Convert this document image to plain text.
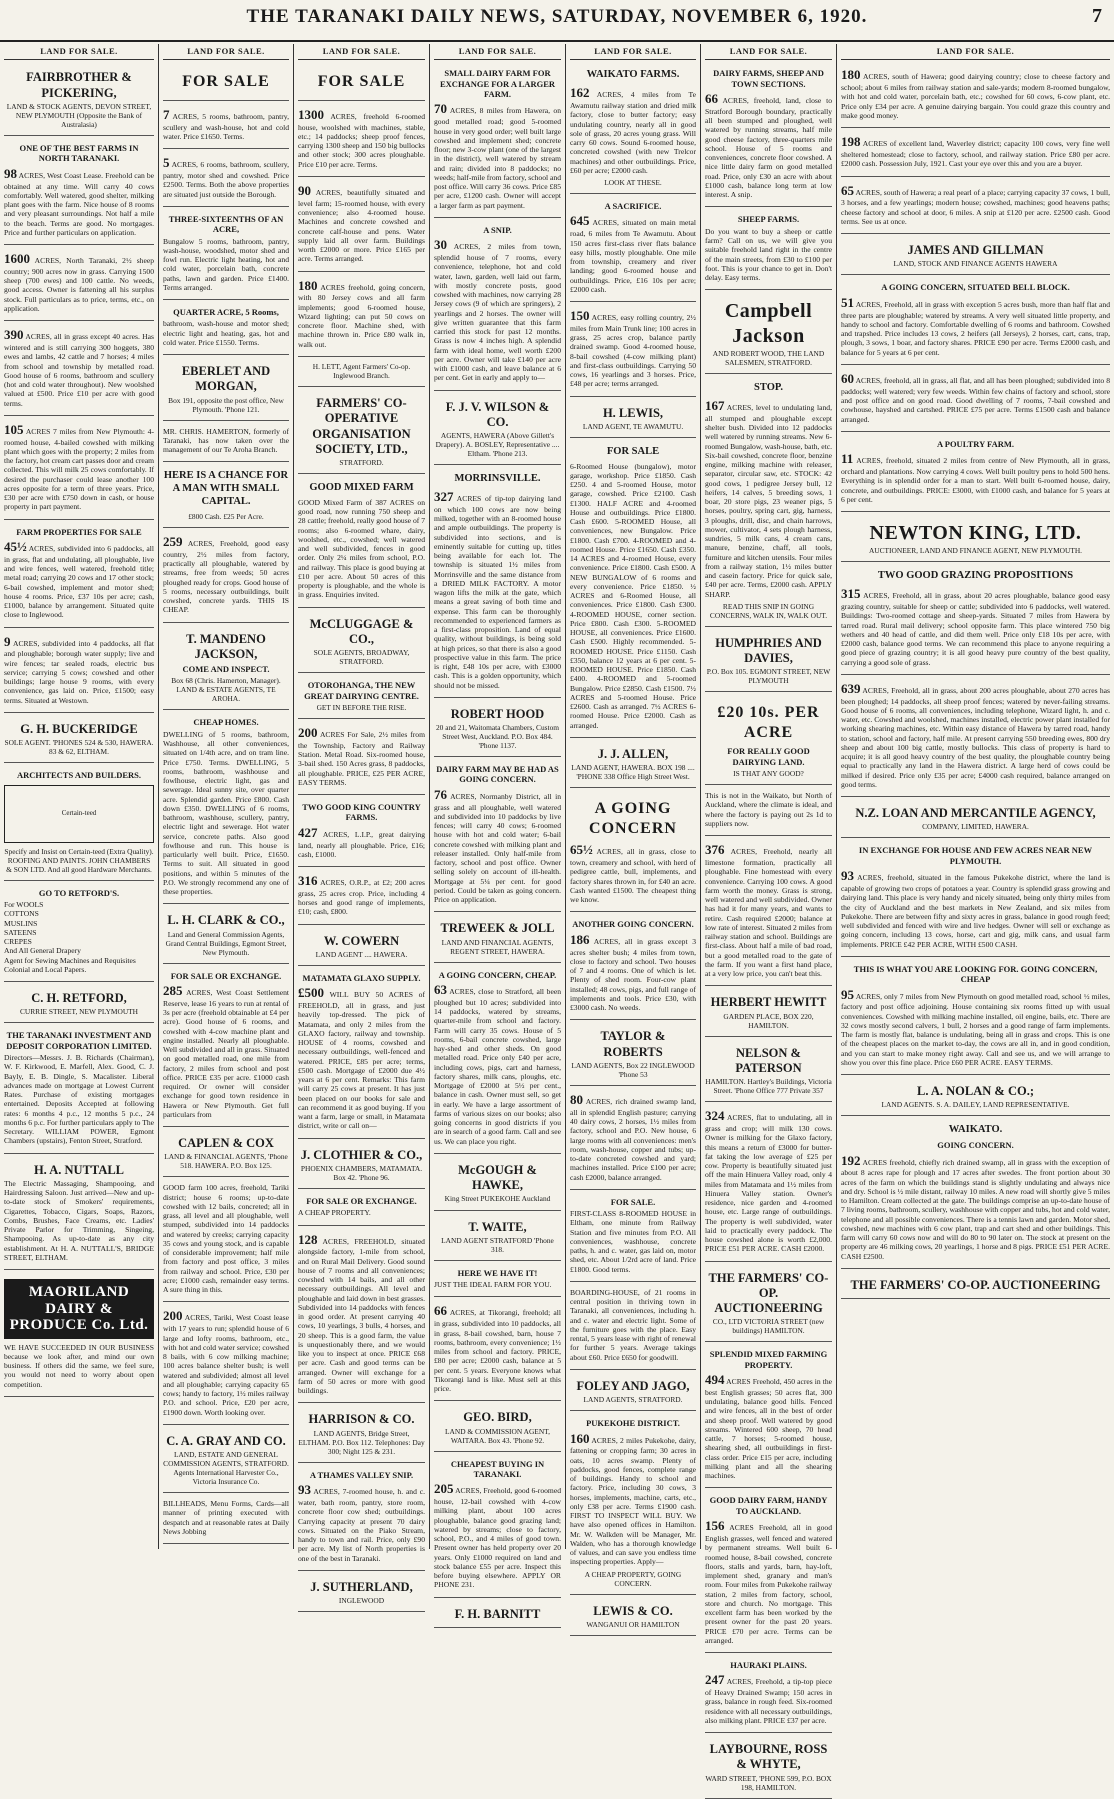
THE TARANAKI DAILY NEWS, SATURDAY, NOVEMBER 6, 1920.	7
LAND FOR SALE.
FAIRBROTHER & PICKERING,
LAND & STOCK AGENTS, DEVON STREET, NEW PLYMOUTH (Opposite the Bank of Australasia)
ONE OF THE BEST FARMS IN NORTH TARANAKI.
98 ACRES, West Coast Lease. Freehold can be obtained at any time. Will carry 40 cows comfortably. Well watered, good shelter, milking plant goes with the farm. Nice house of 8 rooms and very pleasant surroundings. Not half a mile to the beach. Terms are good. No mortgages. Price and further particulars on application.
1600 ACRES, North Taranaki, 2½ sheep country; 900 acres now in grass. Carrying 1500 sheep (700 ewes) and 100 cattle. No weeds, good access. Owner is fattening all his surplus stock. Full particulars as to price, terms, etc., on application.
390 ACRES, all in grass except 40 acres. Has wintered and is still carrying 300 hoggets, 380 ewes and lambs, 42 cattle and 7 horses; 4 miles from school and township by metalled road. Good house of 6 rooms, bathroom and scullery (hot and cold water throughout). New woolshed valued at £500. Price £10 per acre with good terms.
105 ACRES 7 miles from New Plymouth: 4-roomed house, 4-bailed cowshed with milking plant which goes with the property; 2 miles from the factory, hot cream cart passes door and cream collected. This will milk 25 cows comfortably. If desired the purchaser could lease another 100 acres opposite for a term of three years. Price, £30 per acre with £750 down in cash, or house property in part payment.
FARM PROPERTIES FOR SALE
45½ ACRES, subdivided into 6 paddocks, all in grass, flat and undulating, all ploughable, live and wire fences, well watered, freehold title; metal road; carrying 20 cows and 17 other stock; 6-bail cowshed, implement and motor shed; house 4 rooms. Price, £37 10s per acre; cash, £1000, balance by arrangement. Situated quite close to Inglewood.
9 ACRES, subdivided into 4 paddocks, all flat and ploughable; borough water supply; live and wire fences; tar sealed roads, electric bus service; carrying 5 cows; cowshed and other buildings; large house 9 rooms, with every convenience, gas laid on. Price, £1500; easy terms. Situated at Westown.
G. H. BUCKERIDGE
SOLE AGENT. 'PHONES 524 & 530, HAWERA. 83 & 62, ELTHAM.
ARCHITECTS AND BUILDERS.
Certain-teed
Specify and Insist on Certain-teed (Extra Quality). ROOFING AND PAINTS. JOHN CHAMBERS & SON LTD. And all good Hardware Merchants.
GO TO RETFORD'S.
For WOOLS
COTTONS
MUSLINS
SATEENS
CREPES
And All General Drapery
Agent for Sewing Machines and Requisites
Colonial and Local Papers.
C. H. RETFORD,
CURRIE STREET, NEW PLYMOUTH
THE TARANAKI INVESTMENT AND DEPOSIT CORPORATION LIMITED.
Directors—Messrs. J. B. Richards (Chairman), W. F. Kirkwood, E. Marfell, Alex. Good, C. J. Bayly, E. B. Dingle, S. Macalister. Liberal advances made on mortgage at Lowest Current Rates. Purchase of existing mortgages entertained. Deposits Accepted at following rates: 6 months 4 p.c., 12 months 5 p.c., 24 months 6 p.c. For further particulars apply to The Secretary. WILLIAM POWER, Egmont Chambers (upstairs), Fenton Street, Stratford.
H. A. NUTTALL
The Electric Massaging, Shampooing, and Hairdressing Saloon. Just arrived—New and up-to-date stock of Smokers' requirements, Cigarettes, Tobacco, Cigars, Soaps, Razors, Combs, Brushes, Face Creams, etc. Ladies' Private Parlor for Trimming, Singeing, Shampooing. As up-to-date as any city establishment. At H. A. NUTTALL'S, BRIDGE STREET, ELTHAM.
MAORILAND DAIRY & PRODUCE Co. Ltd.
WE HAVE SUCCEEDED IN OUR BUSINESS because we look after, and mind our own business. If others did the same, we feel sure, you would not need to worry about open competition.
LAND FOR SALE.
FOR SALE
7 ACRES, 5 rooms, bathroom, pantry, scullery and wash-house, hot and cold water. Price £1650. Terms.
5 ACRES, 6 rooms, bathroom, scullery, pantry, motor shed and cowshed. Price £2500. Terms. Both the above properties are situated just outside the Borough.
THREE-SIXTEENTHS OF AN ACRE,
Bungalow 5 rooms, bathroom, pantry, wash-house, woodshed, motor shed and fowl run. Electric light heating, hot and cold water, porcelain bath, concrete paths, lawn and garden. Price £1400. Terms arranged.
QUARTER ACRE, 5 Rooms,
bathroom, wash-house and motor shed; electric light and heating, gas, hot and cold water. Price £1550. Terms.
EBERLET AND MORGAN,
Box 191, opposite the post office, New Plymouth. 'Phone 121.
MR. CHRIS. HAMERTON, formerly of Taranaki, has now taken over the management of our Te Aroha Branch.
HERE IS A CHANCE FOR A MAN WITH SMALL CAPITAL.
£800 Cash. £25 Per Acre.
259 ACRES, Freehold, good easy country, 2½ miles from factory, practically all ploughable, watered by streams, free from weeds; 50 acres ploughed ready for crops. Good house of 5 rooms, necessary outbuildings, built cowshed, concrete yards. THIS IS CHEAP.
T. MANDENO JACKSON,
COME AND INSPECT.
Box 68 (Chris. Hamerton, Manager). LAND & ESTATE AGENTS, TE AROHA.
CHEAP HOMES.
DWELLING of 5 rooms, bathroom, Washhouse, all other conveniences, situated on 1/4th acre, and on tram line. Price £750. Terms. DWELLING, 5 rooms, bathroom, washhouse and fowlhouse, electric light, gas and sewerage. Ideal sunny site, over quarter acre. Splendid garden. Price £800. Cash down £350. DWELLING of 6 rooms, bathroom, washhouse, scullery, pantry, electric light and sewerage. Hot water service, concrete paths. Also good fowlhouse and run. This house is particularly well built. Price, £1650. Terms to suit. All situated in good positions, and within 5 minutes of the P.O. We strongly recommend any one of these properties.
L. H. CLARK & CO.,
Land and General Commission Agents, Grand Central Buildings, Egmont Street, New Plymouth.
FOR SALE OR EXCHANGE.
285 ACRES, West Coast Settlement Reserve, lease 16 years to run at rental of 3s per acre (freehold obtainable at £4 per acre). Good house of 6 rooms, and cowshed with 4-cow machine plant and engine installed. Nearly all ploughable. Well subdivided and all in grass. Situated on good metalled road, one mile from factory, 2 miles from school and post office. PRICE £35 per acre. £1000 cash required. Or owner will consider exchange for good town residence in Hawera or New Plymouth. Get full particulars from
CAPLEN & COX
LAND & FINANCIAL AGENTS, 'Phone 518. HAWERA. P.O. Box 125.
GOOD farm 100 acres, freehold, Tariki district; house 6 rooms; up-to-date cowshed with 12 bails, concreted; all in grass, all level and all ploughable, well stumped, subdivided into 14 paddocks and watered by creeks; carrying capacity 35 cows and young stock, and is capable of considerable improvement; half mile from factory and post office, 3 miles from railway and school. Price, £30 per acre; £1000 cash, remainder easy terms. A sure thing in this.
200 ACRES, Tariki, West Coast lease with 17 years to run; splendid house of 6 large and lofty rooms, bathroom, etc., with hot and cold water service; cowshed 8 bails, with 6 cow milking machine; 100 acres balance shelter bush; is well watered and subdivided; almost all level and all ploughable; carrying capacity 65 cows; handy to factory, 1½ miles railway P.O. and school. Price, £20 per acre, £1900 down. Worth looking over.
C. A. GRAY AND CO.
LAND, ESTATE AND GENERAL COMMISSION AGENTS, STRATFORD. Agents International Harvester Co., Victoria Insurance Co.
BILLHEADS, Menu Forms, Cards—all manner of printing executed with despatch and at reasonable rates at Daily News Jobbing
LAND FOR SALE.
FOR SALE
1300 ACRES, freehold 6-roomed house, woolshed with machines, stable, etc.; 14 paddocks; sheep proof fences, carrying 1300 sheep and 150 big bullocks and other stock; 300 acres ploughable. Price £10 per acre. Terms.
90 ACRES, beautifully situated and level farm; 15-roomed house, with every convenience; also 4-roomed house. Machines and concrete cowshed and concrete calf-house and pens. Water supply laid all over farm. Buildings worth £2000 or more. Price £165 per acre. Terms arranged.
180 ACRES freehold, going concern, with 80 Jersey cows and all farm implements; good 6-roomed house, Wizard lighting; can put 50 cows on concrete floor. Machine shed, with machine thrown in. Price £80 walk in, walk out.
H. LETT, Agent Farmers' Co-op. Inglewood Branch.
FARMERS' CO-OPERATIVE ORGANISATION SOCIETY, LTD.,
STRATFORD.
GOOD MIXED FARM
GOOD Mixed Farm of 387 ACRES on good road, now running 750 sheep and 28 cattle; freehold, really good house of 7 rooms; also 6-roomed whare, dairy, woolshed, etc., cowshed; well watered and well subdivided, fences in good order. Only 2¼ miles from school, P.O. and railway. This place is good buying at £10 per acre. About 50 acres of this property is ploughable, and the whole is in grass. Enquiries invited.
McCLUGGAGE & CO.,
SOLE AGENTS, BROADWAY, STRATFORD.
OTOROHANGA, THE NEW GREAT DAIRYING CENTRE.
GET IN BEFORE THE RISE.
200 ACRES For Sale, 2½ miles from the Township, Factory and Railway Station. Metal Road. Six-roomed house, 3-bail shed. 150 Acres grass, 8 paddocks, all ploughable. PRICE, £25 PER ACRE, EASY TERMS.
TWO GOOD KING COUNTRY FARMS.
427 ACRES, L.I.P., great dairying land, nearly all ploughable. Price, £16; cash, £1000.
316 ACRES, O.R.P., at £2; 200 acres grass, 25 acres crop. Price, including 4 horses and good range of implements, £10; cash, £800.
W. COWERN
LAND AGENT .... HAWERA.
MATAMATA GLAXO SUPPLY.
£500 WILL BUY 50 ACRES of FREEHOLD, all in grass, and just heavily top-dressed. The pick of Matamata, and only 2 miles from the GLAXO factory, railway and township. HOUSE of 4 rooms, cowshed and necessary outbuildings, well-fenced and watered. PRICE, £85 per acre; terms, £500 cash. Mortgage of £2000 due 4½ years at 6 per cent. Remarks: This farm will carry 25 cows at present. It has just been placed on our books for sale and can recommend it as good buying. If you want a farm, large or small, in Matamata district, write or call on—
J. CLOTHIER & CO.,
PHOENIX CHAMBERS, MATAMATA. Box 42. 'Phone 96.
FOR SALE OR EXCHANGE.
A CHEAP PROPERTY.
128 ACRES, FREEHOLD, situated alongside factory, 1-mile from school, and on Rural Mail Delivery. Good sound house of 7 rooms and all conveniences; cowshed with 14 bails, and all other necessary outbuildings. All level and ploughable and laid down in best grasses. Subdivided into 14 paddocks with fences in good order. At present carrying 40 cows, 10 yearlings, 3 bulls, 4 horses, and 20 sheep. This is a good farm, the value is unquestionably there, and we would like you to inspect at once. PRICE £68 per acre. Cash and good terms can be arranged. Owner will exchange for a farm of 50 acres or more with good buildings.
HARRISON & CO.
LAND AGENTS, Bridge Street, ELTHAM. P.O. Box 112. Telephones: Day 300; Night 125 & 231.
A THAMES VALLEY SNIP.
93 ACRES, 7-roomed house, h. and c. water, bath room, pantry, store room, concrete floor cow shed; outbuildings. Carrying capacity at present 70 dairy cows. Situated on the Piako Stream, handy to town and rail. Price, only £90 per acre. My list of North properties is one of the best in Taranaki.
J. SUTHERLAND,
INGLEWOOD
LAND FOR SALE.
SMALL DAIRY FARM FOR EXCHANGE FOR A LARGER FARM.
70 ACRES, 8 miles from Hawera, on good metalled road; good 5-roomed house in very good order; well built large cowshed and implement shed; concrete floor; new 3-cow plant (one of the largest in the district), well watered by stream and rain; divided into 8 paddocks; no weeds; half-mile from factory, school and post office. Will carry 36 cows. Price £85 per acre, £1200 cash. Owner will accept a larger farm as part payment.
A SNIP.
30 ACRES, 2 miles from town, splendid house of 7 rooms, every convenience, telephone, hot and cold water, lawn, garden, well laid out farm, with mostly concrete posts, good cowshed with machines, now carrying 28 Jersey cows (9 of which are springers), 2 yearlings and 2 horses. The owner will give written guarantee that this farm carried this stock for past 12 months. Grass is now 4 inches high. A splendid farm with ideal home, well worth £200 per acre. Owner will take £140 per acre with £1000 cash, and leave balance at 6 per cent. Get in early and apply to—
F. J. V. WILSON & CO.
AGENTS, HAWERA (Above Gillett's Drapery). A. BOSLEY, Representative .... Eltham. 'Phone 213.
MORRINSVILLE.
327 ACRES of tip-top dairying land on which 100 cows are now being milked, together with an 8-roomed house and ample outbuildings. The property is subdivided into sections, and is eminently suitable for cutting up, titles being available for each lot. The township is situated 1½ miles from Morrinsville and the same distance from a DRIED MILK FACTORY. A motor wagon lifts the milk at the gate, which means a great saving of both time and expense. This farm can be thoroughly recommended to experienced farmers as a first-class proposition. Land of equal quality, without buildings, is being sold at high prices, so that there is also a good prospective value in this farm. The price is right, £48 10s per acre, with £3000 cash. This is a golden opportunity, which should not be missed.
ROBERT HOOD
20 and 21, Waitomata Chambers, Custom Street West, Auckland. P.O. Box 484. 'Phone 1137.
DAIRY FARM MAY BE HAD AS GOING CONCERN.
76 ACRES, Normanby District, all in grass and all ploughable, well watered and subdivided into 10 paddocks by live fences; will carry 40 cows; 6-roomed house with hot and cold water; 6-bail concrete cowshed with milking plant and releaser installed. Only half-mile from factory, school and post office. Owner selling solely on account of ill-health. Mortgage at 5¼ per cent. for good period. Could be taken as going concern. Price on application.
TREWEEK & JOLL
LAND AND FINANCIAL AGENTS, REGENT STREET, HAWERA.
A GOING CONCERN, CHEAP.
63 ACRES, close to Stratford, all been ploughed but 10 acres; subdivided into 14 paddocks, watered by streams, quarter-mile from school and factory. Farm will carry 35 cows. House of 5 rooms, 6-bail concrete cowshed, large hay-shed and other sheds. On good metalled road. Price only £40 per acre, including cows, pigs, cart and harness, factory shares, milk cans, ploughs, etc. Mortgage of £2000 at 5½ per cent., balance in cash. Owner must sell, so get in early. We have a large assortment of farms of various sizes on our books; also going concerns in good districts if you are in search of a good farm. Call and see us. We can place you right.
McGOUGH & HAWKE,
King Street PUKEKOHE Auckland
T. WAITE,
LAND AGENT STRATFORD 'Phone 318.
HERE WE HAVE IT!
JUST THE IDEAL FARM FOR YOU.
66 ACRES, at Tikorangi, freehold; all in grass, subdivided into 10 paddocks, all in grass, 8-bail cowshed, barn, house 7 rooms, bathroom, every convenience; 1½ miles from school and factory. PRICE, £80 per acre; £2000 cash, balance at 5 per cent. 5 years. Everyone knows what Tikorangi land is like. Must sell at this price.
GEO. BIRD,
LAND & COMMISSION AGENT, WAITARA. Box 43. 'Phone 92.
CHEAPEST BUYING IN TARANAKI.
205 ACRES, Freehold, good 6-roomed house, 12-bail cowshed with 4-cow milking plant, about 100 acres ploughable, balance good grazing land; watered by streams; close to factory, school, P.O., and 4 miles of good town. Present owner has held property over 20 years. Only £1000 required on land and stock balance £55 per acre. Inspect this before buying elsewhere. APPLY OR PHONE 231.
F. H. BARNITT
LAND FOR SALE.
WAIKATO FARMS.
162 ACRES, 4 miles from Te Awamutu railway station and dried milk factory, close to butter factory; easy undulating country, nearly all in good sole of grass, 20 acres young grass. Will carry 60 cows. Sound 6-roomed house, concreted cowshed (with new Trelcor machines) and other outbuildings. Price, £60 per acre; £2000 cash.
LOOK AT THESE.
A SACRIFICE.
645 ACRES, situated on main metal road, 6 miles from Te Awamutu. About 150 acres first-class river flats balance easy hills, mostly ploughable. One mile from township, creamery and river landing; good 6-roomed house and outbuildings. Price, £16 10s per acre; £2000 cash.
150 ACRES, easy rolling country, 2½ miles from Main Trunk line; 100 acres in grass, 25 acres crop, balance partly drained swamp. Good 4-roomed house, 8-bail cowshed (4-cow milking plant) and first-class outbuildings. Carrying 50 cows, 16 yearlings and 3 horses. Price, £48 per acre; terms arranged.
H. LEWIS,
LAND AGENT, TE AWAMUTU.
FOR SALE
6-Roomed House (bungalow), motor garage, workshop. Price £1850. Cash £250. 4 and 5-roomed House, motor garage, cowshed. Price £2100. Cash £1300. HALF ACRE and 4-roomed House and outbuildings. Price £1800. Cash £600. 5-ROOMED House, all conveniences, new Bungalow. Price £1800. Cash £700. 4-ROOMED and 4-roomed House. Price £1650. Cash £350. 14 ACRES and 4-roomed House, every convenience. Price £1800. Cash £500. A NEW BUNGALOW of 6 rooms and every convenience. Price £1850. ½ ACRES and 6-Roomed House, all conveniences. Price £1800. Cash £300. 4-ROOMED HOUSE, corner section. Price £800. Cash £300. 5-ROOMED HOUSE, all conveniences. Price £1600. Cash £500. Highly recommended. 5-ROOMED HOUSE. Price £1150. Cash £350, balance 12 years at 6 per cent. 5-ROOMED HOUSE. Price £1850. Cash £400. 4-ROOMED and 5-roomed Bungalow. Price £2850. Cash £1500. 7½ ACRES and 5-roomed House. Price £2600. Cash as arranged. 7½ ACRES 6-roomed House. Price £2000. Cash as arranged.
J. J. ALLEN,
LAND AGENT, HAWERA. BOX 198 .... 'PHONE 338 Office High Street West.
A GOING CONCERN
65½ ACRES, all in grass, close to town, creamery and school, with herd of pedigree cattle, bull, implements, and factory shares thrown in, for £40 an acre. Cash wanted £1500. The cheapest thing we know.
ANOTHER GOING CONCERN.
186 ACRES, all in grass except 3 acres shelter bush; 4 miles from town, close to factory and school. Two houses of 7 and 4 rooms. One of which is let. Plenty of shed room. Four-cow plant installed; 48 cows, pigs, and full range of implements and tools. Price £30, with £3000 cash. No weeds.
TAYLOR & ROBERTS
LAND AGENTS, Box 22 INGLEWOOD 'Phone 53
80 ACRES, rich drained swamp land, all in splendid English pasture; carrying 40 dairy cows, 2 horses, 1½ miles from factory, school and P.O. New house, 6 large rooms with all conveniences: men's room, wash-house, copper and tubs; up-to-date concreted cowshed and yard; machines installed. Price £100 per acre; cash £2000, balance arranged.
FOR SALE.
FIRST-CLASS 8-ROOMED HOUSE in Eltham, one minute from Railway Station and five minutes from P.O. All conveniences, washhouse, concrete paths, h. and c. water, gas laid on, motor shed, etc. About 1/2rd acre of land. Price £1800. Good terms.
BOARDING-HOUSE, of 21 rooms in central position in thriving town in Taranaki, all conveniences, including h. and c. water and electric light. Some of the furniture goes with the place. Easy rental, 5 years lease with right of renewal for further 5 years. Average takings about £60. Price £650 for goodwill.
FOLEY AND JAGO,
LAND AGENTS, STRATFORD.
PUKEKOHE DISTRICT.
160 ACRES, 2 miles Pukekohe, dairy, fattening or cropping farm; 30 acres in oats, 10 acres swamp. Plenty of paddocks, good fences, complete range of buildings. Handy to school and factory. Price, including 30 cows, 3 horses, implements, machine, carts, etc., only £38 per acre. Terms £1900 cash. FIRST TO INSPECT WILL BUY. We have also opened offices in Hamilton. Mr. W. Walkden will be Manager, Mr. Walden, who has a thorough knowledge of values, and can save you endless time inspecting properties. Apply—
A CHEAP PROPERTY, GOING CONCERN.
LEWIS & CO.
WANGANUI OR HAMILTON
LAND FOR SALE.
DAIRY FARMS, SHEEP AND TOWN SECTIONS.
66 ACRES, freehold, land, close to Stratford Borough boundary, practically all been stumped and ploughed, well watered by running streams, half mile good cheese factory, three-quarters mile school. House of 5 rooms and conveniences, concrete floor cowshed. A nice little dairy farm on good metalled road. Price, only £30 an acre with about £1000 cash, balance long term at low interest. A snip.
SHEEP FARMS.
Do you want to buy a sheep or cattle farm? Call on us, we will give you suitable freehold land right in the centre of the main streets, from £30 to £100 per foot. This is your chance to get in. Don't delay. Easy terms.
Campbell Jackson
AND ROBERT WOOD, THE LAND SALESMEN, STRATFORD.
STOP.
167 ACRES, level to undulating land, all stumped and ploughable except shelter bush. Divided into 12 paddocks well watered by running streams. New 6-roomed Bungalow, wash-house, bath, etc. Six-bail cowshed, concrete floor, benzine engine, milking machine with releaser, separator, circular saw, etc. STOCK: 42 good cows, 1 pedigree Jersey bull, 12 heifers, 14 calves, 5 breeding sows, 1 boar, 20 store pigs, 23 weaner pigs, 5 horses, poultry, spring cart, gig, harness, 3 ploughs, drill, disc, and chain harrows, mower, cultivator, 4 sets plough harness, sundries, 5 milk cans, 4 cream cans, manure, benzine, chaff, all tools, furniture and kitchen utensils. Four miles from a railway station, 1½ miles butter and casein factory. Price for quick sale, £40 per acre. Terms, £2000 cash. APPLY SHARP.
READ THIS SNIP IN GOING CONCERNS, WALK IN, WALK OUT.
HUMPHRIES AND DAVIES,
P.O. Box 105. EGMONT STREET, NEW PLYMOUTH
£20 10s. PER ACRE
FOR REALLY GOOD DAIRYING LAND.
IS THAT ANY GOOD?
This is not in the Waikato, but North of Auckland, where the climate is ideal, and where the factory is paying out 2s 1d to suppliers now.
376 ACRES, Freehold, nearly all limestone formation, practically all ploughable. Fine homestead with every convenience. Carrying 100 cows. A good farm worth the money. Grass is strong, well watered and well subdivided. Owner has had it for many years, and wants to retire. Cash required £2000; balance at low rate of interest. Situated 2 miles from railway station and school. Buildings are first-class. About half a mile of bad road, but a good metalled road to the gate of the farm. If you want a first hand place, at a very low price, you can't beat this.
HERBERT HEWITT
GARDEN PLACE, BOX 220, HAMILTON.
NELSON & PATERSON
HAMILTON. Hartley's Buildings, Victoria Street. 'Phone Office 777 Private 357
324 ACRES, flat to undulating, all in grass and crop; will milk 130 cows. Owner is milking for the Glaxo factory, this means a return of £3000 for butter-fat taking the low average of £25 per cow. Property is beautifully situated just off the main Hinuera Valley road, only 4 miles from Matamata and 1½ miles from Hinuera Valley station. Owner's residence, nice garden and 4-roomed house, etc. Large range of outbuildings. The property is well subdivided, water laid to practically every paddock. The house cowshed alone is worth £2,000. PRICE £51 PER ACRE. CASH £2000.
THE FARMERS' CO-OP. AUCTIONEERING
CO., LTD VICTORIA STREET (new buildings) HAMILTON.
SPLENDID MIXED FARMING PROPERTY.
494 ACRES Freehold, 450 acres in the best English grasses; 50 acres flat, 300 undulating, balance good hills. Fenced and wire fences, all in the best of order and sheep proof. Well watered by good streams. Wintered 600 sheep, 70 head cattle, 7 horses; 5-roomed house, shearing shed, all outbuildings in first-class order. Price £15 per acre, including milking plant and all the shearing machines.
GOOD DAIRY FARM, HANDY TO AUCKLAND.
156 ACRES Freehold, all in good English grasses, well fenced and watered by permanent streams. Well built 6-roomed house, 8-bail cowshed, concrete floors, stalls and yards, barn, hay-loft, implement shed, granary and man's room. Four miles from Pukekohe railway station, 2 miles from factory, school, store and church. No mortgage. This excellent farm has been worked by the present owner for the past 20 years. PRICE £70 per acre. Terms can be arranged.
HAURAKI PLAINS.
247 ACRES, Freehold, a tip-top piece of Heavy Drained Swamp; 150 acres in grass, balance in rough feed. Six-roomed residence with all necessary outbuildings, also milking plant. PRICE £37 per acre.
LAYBOURNE, ROSS & WHYTE,
WARD STREET, 'PHONE 599, P.O. BOX 198, HAMILTON.
LAND FOR SALE.
180 ACRES, south of Hawera; good dairying country; close to cheese factory and school; about 6 miles from railway station and sale-yards; modern 8-roomed bungalow, with hot and cold water, porcelain bath, etc.; cowshed for 60 cows, 6-cow plant, etc. Price only £34 per acre. A genuine dairying bargain. You could graze this country and make good money.
198 ACRES of excellent land, Waverley district; capacity 100 cows, very fine well sheltered homestead; close to factory, school, and railway station. Price £80 per acre. £2000 cash. Possession July, 1921. Cast your eye over this and you are a buyer.
65 ACRES, south of Hawera; a real pearl of a place; carrying capacity 37 cows, 1 bull, 3 horses, and a few yearlings; modern house; cowshed, machines; good heavens paths; cheese factory and school at door, 6 miles. A snip at £120 per acre. £2500 cash. Good terms. See us at once.
JAMES AND GILLMAN
LAND, STOCK AND FINANCE AGENTS HAWERA
A GOING CONCERN, SITUATED BELL BLOCK.
51 ACRES, Freehold, all in grass with exception 5 acres bush, more than half flat and three parts are ploughable; watered by streams. A very well situated little property, and handy to school and factory. Comfortable dwelling of 6 rooms and bathroom. Cowshed and trapshed. Price includes 13 cows, 2 heifers (all Jerseys), 2 horses, cart, cans, trap, plough, 3 sows, 1 boar, and factory shares. PRICE £90 per acre. Terms £2000 cash, and balance for 5 years at 6 per cent.
60 ACRES, freehold, all in grass, all flat, and all has been ploughed; subdivided into 8 paddocks; well watered; very few weeds. Within few chains of factory and school, store and post office and on good road. Good dwelling of 7 rooms, 7-bail cowshed and cowhouse, hayshed and cartshed. PRICE £75 per acre. Terms £1500 cash and balance arranged.
A POULTRY FARM.
11 ACRES, freehold, situated 2 miles from centre of New Plymouth, all in grass, orchard and plantations. Now carrying 4 cows. Well built poultry pens to hold 500 hens. Everything is in splendid order for a man to start. Well built 6-roomed house, dairy, concrete, and outbuildings. PRICE: £3000, with £1000 cash, and balance for 5 years at 6 per cent.
NEWTON KING, LTD.
AUCTIONEER, LAND AND FINANCE AGENT, NEW PLYMOUTH.
TWO GOOD GRAZING PROPOSITIONS
315 ACRES, Freehold, all in grass, about 20 acres ploughable, balance good easy grazing country, suitable for sheep or cattle; subdivided into 6 paddocks, well watered. Buildings: Two-roomed cottage and sheep-yards. Situated 7 miles from Hawera by tarred road. Rural mail delivery; school opposite farm. This place wintered 750 big wethers and 40 head of cattle, and did them well. Price only £18 10s per acre, with £2000 cash, balance good terms. We can recommend this place to anyone requiring a good piece of grazing country; it is all good heavy pure country of the best quality, carrying a good sole of grass.
639 ACRES, Freehold, all in grass, about 200 acres ploughable, about 270 acres has been ploughed; 14 paddocks, all sheep proof fences; watered by never-failing streams. Good house of 6 rooms, all conveniences, including telephone, Wizard light, h. and c. water, etc. Cowshed and woolshed, machines installed, electric power plant installed for working shearing machines, etc. Within easy distance of Hawera by tarred road, handy to station, school and factory, half mile. At present carrying 550 breeding ewes, 800 dry sheep and about 100 big cattle, mostly bullocks. This class of property is hard to acquire; it is all good heavy country of the best quality, the ploughable country being equal to practically any land in the Hawera district. A large herd of cows could be milked if desired. Price only £35 per acre; £4000 cash required, balance arranged on good terms.
N.Z. LOAN AND MERCANTILE AGENCY,
COMPANY, LIMITED, HAWERA.
IN EXCHANGE FOR HOUSE AND FEW ACRES NEAR NEW PLYMOUTH.
93 ACRES, freehold, situated in the famous Pukekohe district, where the land is capable of growing two crops of potatoes a year. Country is splendid grass growing and dairying land. This place is very handy and nicely situated, being only thirty miles from the city of Auckland and the best markets in New Zealand, and six miles from Pukekohe. There are between fifty and sixty acres in grass, balance in good rough feed; well subdivided and fenced with wire and live hedges. Owner will sell or exchange as going concern, including 13 cows, horse, cart and gig, milk cans, and usual farm implements. PRICE £42 PER ACRE, WITH £500 CASH.
THIS IS WHAT YOU ARE LOOKING FOR. GOING CONCERN, CHEAP
95 ACRES, only 7 miles from New Plymouth on good metalled road, school ½ miles, factory and post office adjoining. House containing six rooms fitted up with usual conveniences. Cowshed with milking machine installed, oil engine, bails, etc. There are 32 cows mostly second calvers, 1 bull, 2 horses and a good range of farm implements. The farm is mostly flat, balance is undulating, being all in grass and crops. This is one of the cheapest places on the market to-day, the cows are all in, and in good condition, and you can start to make money right away. Call and see us, and we will arrange to show you over this fine place. Price £60 PER ACRE. EASY TERMS.
L. A. NOLAN & CO.;
LAND AGENTS. S. A. DAILEY, LAND REPRESENTATIVE.
WAIKATO.
GOING CONCERN.
192 ACRES freehold, chiefly rich drained swamp, all in grass with the exception of about 8 acres rape for plough and 17 acres after swedes. The front portion about 30 acres of the farm on which the buildings stand is slightly undulating and always nice and dry. School is ½ mile distant, railway 10 miles. A new road will shortly give 5 miles to Hamilton. Cream collected at the gate. The buildings comprise an up-to-date house of 7 living rooms, bathroom, scullery, washhouse with copper and tubs, hot and cold water, telephone and all possible conveniences. There is a tennis lawn and garden. Motor shed, cowshed, new machines with 6 cow plant, trap and cart shed and other buildings. This farm will carry 60 cows now and will do 80 to 90 later on. The stock at present on the property are 46 milking cows, 20 yearlings, 1 horse and 8 pigs. PRICE £51 PER ACRE. CASH £2500.
THE FARMERS' CO-OP. AUCTIONEERING
